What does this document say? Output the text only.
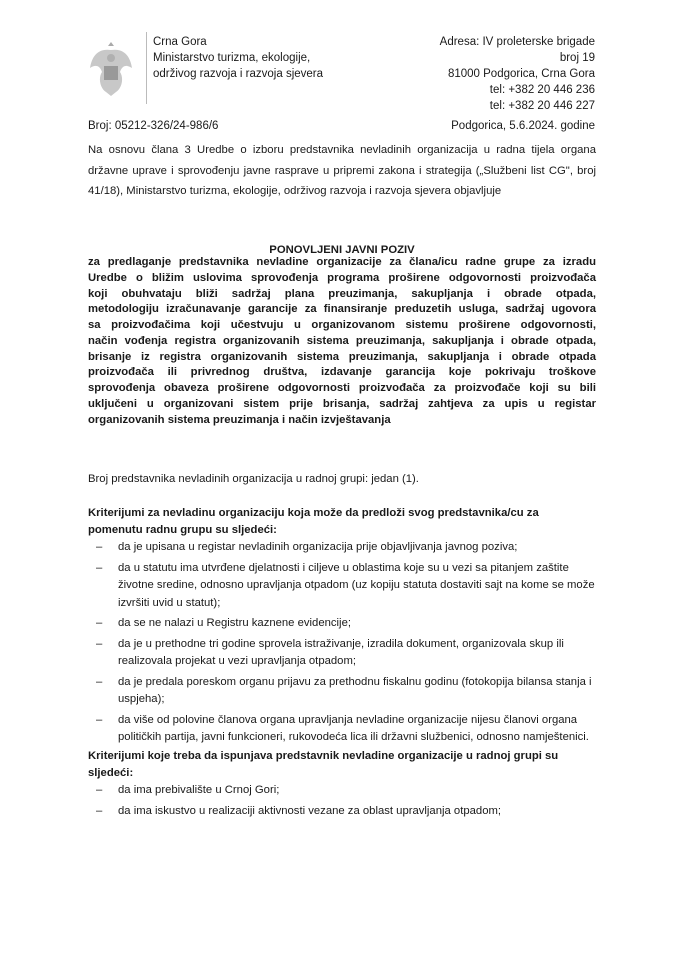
Crna Gora
Ministarstvo turizma, ekologije,
održivog razvoja i razvoja sjevera
Adresa: IV proleterske brigade
broj 19
81000 Podgorica, Crna Gora
tel: +382 20 446 236
tel: +382 20 446 227
Broj: 05212-326/24-986/6	Podgorica, 5.6.2024. godine
Na osnovu člana 3 Uredbe o izboru predstavnika nevladinih organizacija u radna tijela organa državne uprave i sprovođenju javne rasprave u pripremi zakona i strategija („Službeni list CG", broj 41/18), Ministarstvo turizma, ekologije, održivog razvoja i razvoja sjevera objavljuje
PONOVLJENI JAVNI POZIV
za predlaganje predstavnika nevladine organizacije za člana/icu radne grupe za izradu
Uredbe o bližim uslovima sprovođenja programa proširene odgovornosti proizvođača
koji obuhvataju bliži sadržaj plana preuzimanja, sakupljanja i obrade otpada,
metodologiju izračunavanje garancije za finansiranje preduzetih usluga, sadržaj ugovora
sa proizvođačima koji učestvuju u organizovanom sistemu proširene odgovornosti,
način vođenja registra organizovanih sistema preuzimanja, sakupljanja i obrade otpada,
brisanje iz registra organizovanih sistema preuzimanja, sakupljanja i obrade otpada
proizvođača ili privrednog društva, izdavanje garancija koje pokrivaju troškove
sprovođenja obaveza proširene odgovornosti proizvođača za proizvođače koji su bili
uključeni u organizovani sistem prije brisanja, sadržaj zahtjeva za upis u registar
organizovanih sistema preuzimanja i način izvještavanja
Broj predstavnika nevladinih organizacija u radnoj grupi: jedan (1).
Kriterijumi za nevladinu organizaciju koja može da predloži svog predstavnika/cu za pomenutu radnu grupu su sljedeći:
– da je upisana u registar nevladinih organizacija prije objavljivanja javnog poziva;
– da u statutu ima utvrđene djelatnosti i ciljeve u oblastima koje su u vezi sa pitanjem zaštite životne sredine, odnosno upravljanja otpadom (uz kopiju statuta dostaviti sajt na kome se može izvršiti uvid u statut);
– da se ne nalazi u Registru kaznene evidencije;
– da je u prethodne tri godine sprovela istraživanje, izradila dokument, organizovala skup ili realizovala projekat u vezi upravljanja otpadom;
– da je predala poreskom organu prijavu za prethodnu fiskalnu godinu (fotokopija bilansa stanja i uspjeha);
– da više od polovine članova organa upravljanja nevladine organizacije nijesu članovi organa političkih partija, javni funkcioneri, rukovodeća lica ili državni službenici, odnosno namještenici.
Kriterijumi koje treba da ispunjava predstavnik nevladine organizacije u radnoj grupi su sljedeći:
– da ima prebivalište u Crnoj Gori;
– da ima iskustvo u realizaciji aktivnosti vezane za oblast upravljanja otpadom;
